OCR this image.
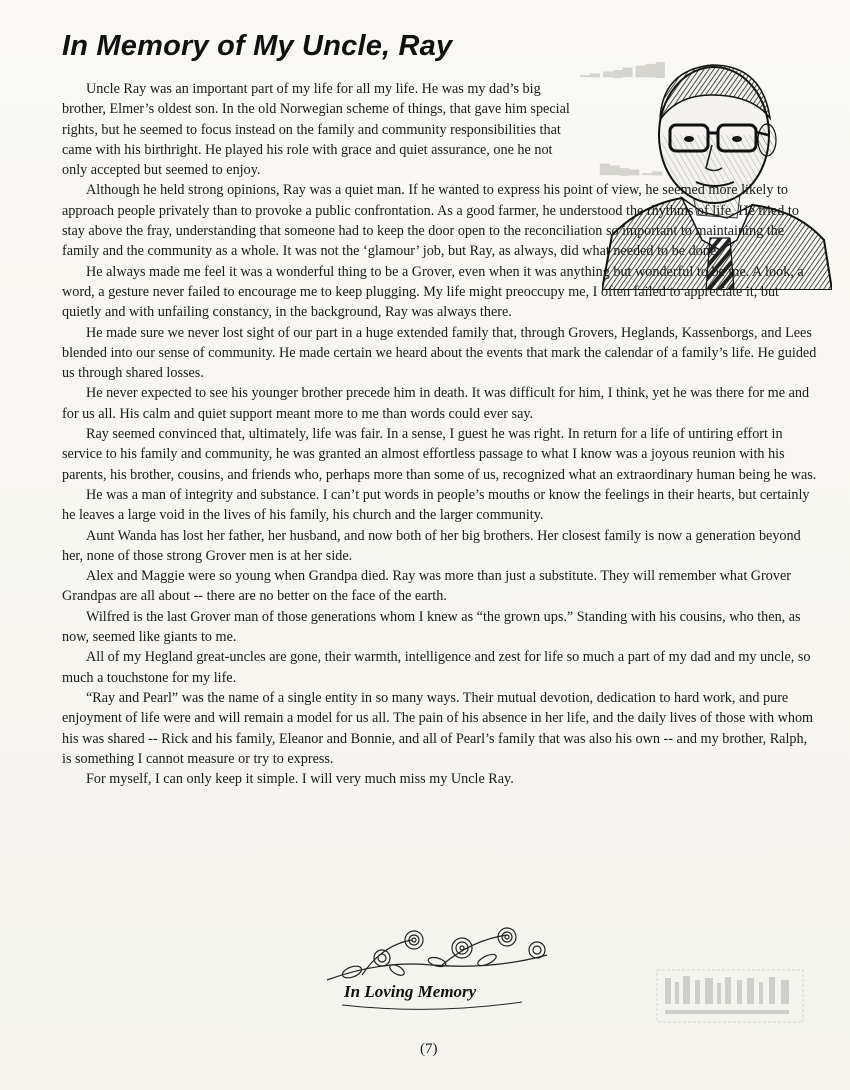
█▇▆ ▅▄▃ ▂▁
▂▁ ▃▄▅▆
In Memory of My Uncle, Ray

Uncle Ray was an important part of my life for all my life. He was my dad’s big brother, Elmer’s oldest son. In the old Norwegian scheme of things, that gave him special rights, but he seemed to focus instead on the family and community responsibilities that came with his birthright. He played his role with grace and quiet assurance, one he not only accepted but seemed to enjoy.

Although he held strong opinions, Ray was a quiet man. If he wanted to express his point of view, he seemed more likely to approach people privately than to provoke a public confrontation. As a good farmer, he understood the rhythms of life. He tried to stay above the fray, understanding that someone had to keep the door open to the reconciliation so important to maintaining the family and the community as a whole. It was not the ‘glamour’ job, but Ray, as always, did what needed to be done.

He always made me feel it was a wonderful thing to be a Grover, even when it was anything but wonderful to be me. A look, a word, a gesture never failed to encourage me to keep plugging. My life might preoccupy me, I often failed to appreciate it, but quietly and with unfailing constancy, in the background, Ray was always there.

He made sure we never lost sight of our part in a huge extended family that, through Grovers, Heglands, Kassenborgs, and Lees blended into our sense of community. He made certain we heard about the events that mark the calendar of a family’s life. He guided us through shared losses.

He never expected to see his younger brother precede him in death. It was difficult for him, I think, yet he was there for me and for us all. His calm and quiet support meant more to me than words could ever say.

Ray seemed convinced that, ultimately, life was fair. In a sense, I guest he was right. In return for a life of untiring effort in service to his family and community, he was granted an almost effortless passage to what I know was a joyous reunion with his parents, his brother, cousins, and friends who, perhaps more than some of us, recognized what an extraordinary human being he was.

He was a man of integrity and substance. I can’t put words in people’s mouths or know the feelings in their hearts, but certainly he leaves a large void in the lives of his family, his church and the larger community.

Aunt Wanda has lost her father, her husband, and now both of her big brothers. Her closest family is now a generation beyond her, none of those strong Grover men is at her side.

Alex and Maggie were so young when Grandpa died. Ray was more than just a substitute. They will remember what Grover Grandpas are all about -- there are no better on the face of the earth.

Wilfred is the last Grover man of those generations whom I knew as “the grown ups.” Standing with his cousins, who then, as now, seemed like giants to me.

All of my Hegland great-uncles are gone, their warmth, intelligence and zest for life so much a part of my dad and my uncle, so much a touchstone for my life.

“Ray and Pearl” was the name of a single entity in so many ways. Their mutual devotion, dedication to hard work, and pure enjoyment of life were and will remain a model for us all. The pain of his absence in her life, and the daily lives of those with whom his was shared -- Rick and his family, Eleanor and Bonnie, and all of Pearl’s family that was also his own -- and my brother, Ralph, is something I cannot measure or try to express.

For myself, I can only keep it simple. I will very much miss my Uncle Ray.

In Loving Memory
(7)
